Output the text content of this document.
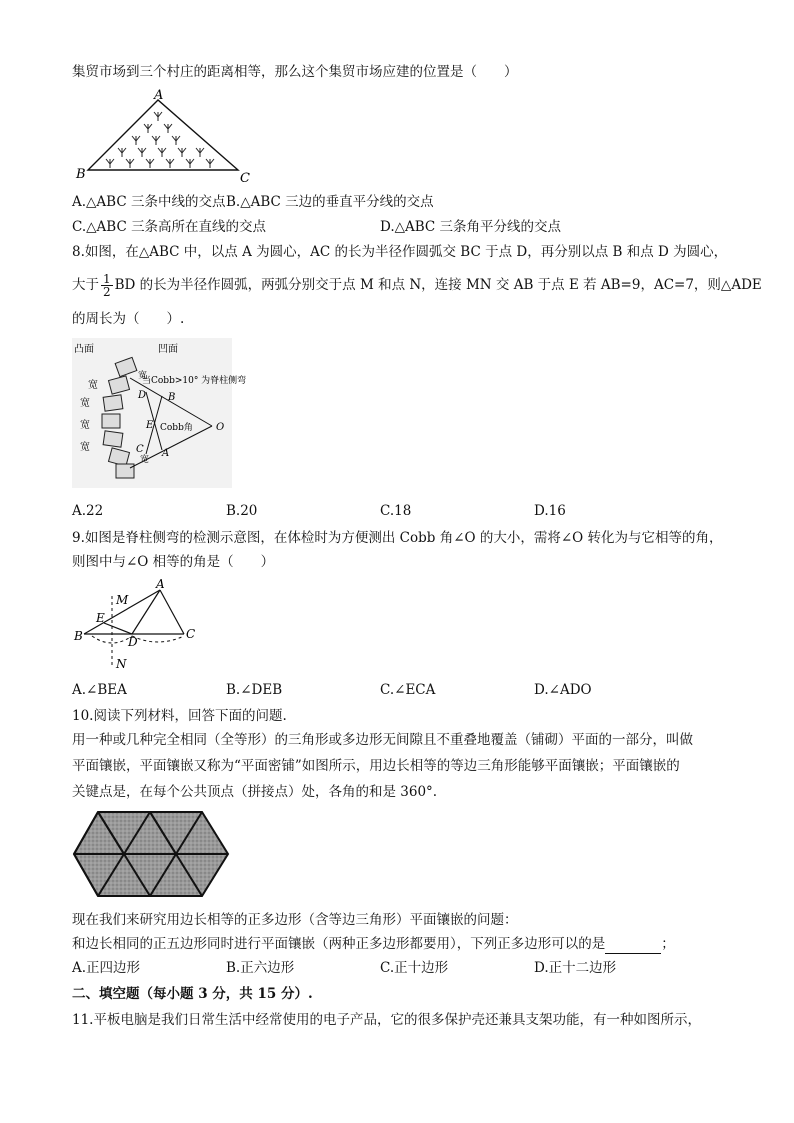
集贸市场到三个村庄的距离相等，那么这个集贸市场应建的位置是（　　）
A
B	C
A.△ABC 三条中线的交点 B.△ABC 三边的垂直平分线的交点
C.△ABC 三条高所在直线的交点	D.△ABC 三条角平分线的交点
8.如图，在△ABC 中，以点 A 为圆心，AC 的长为半径作圆弧交 BC 于点 D，再分别以点 B 和点 D 为圆心，
大于 $\frac{1}{2}$ BD 的长为半径作圆弧，两弧分别交于点 M 和点 N，连接 MN 交 AB 于点 E 若 AB=9，AC=7，则△ADE
的周长为（　　）.
凸面	凹面
宽
宽
宽
宽
宽
宽
当Cobb>10° 为脊柱侧弯
D B
E
C A
O
Cobb角
A.22	B.20	C.18	D.16
9.如图是脊柱侧弯的检测示意图，在体检时为方便测出 Cobb 角∠O 的大小，需将∠O 转化为与它相等的角，
则图中与∠O 相等的角是（　　）
A
M
E
B	D
C
N
A.∠BEA	B.∠DEB	C.∠ECA	D.∠ADO
10.阅读下列材料，回答下面的问题.
用一种或几种完全相同（全等形）的三角形或多边形无间隙且不重叠地覆盖（铺砌）平面的一部分，叫做
平面镶嵌，平面镶嵌又称为“平面密铺”如图所示，用边长相等的等边三角形能够平面镶嵌；平面镶嵌的
关键点是，在每个公共顶点（拼接点）处，各角的和是 360°.
现在我们来研究用边长相等的正多边形（含等边三角形）平面镶嵌的问题：
和边长相同的正五边形同时进行平面镶嵌（两种正多边形都要用），下列正多边形可以的是	；
A.正四边形	B.正六边形	C.正十边形	D.正十二边形
二、填空题（每小题 3 分，共 15 分）.
11.平板电脑是我们日常生活中经常使用的电子产品，它的很多保护壳还兼具支架功能，有一种如图所示，
